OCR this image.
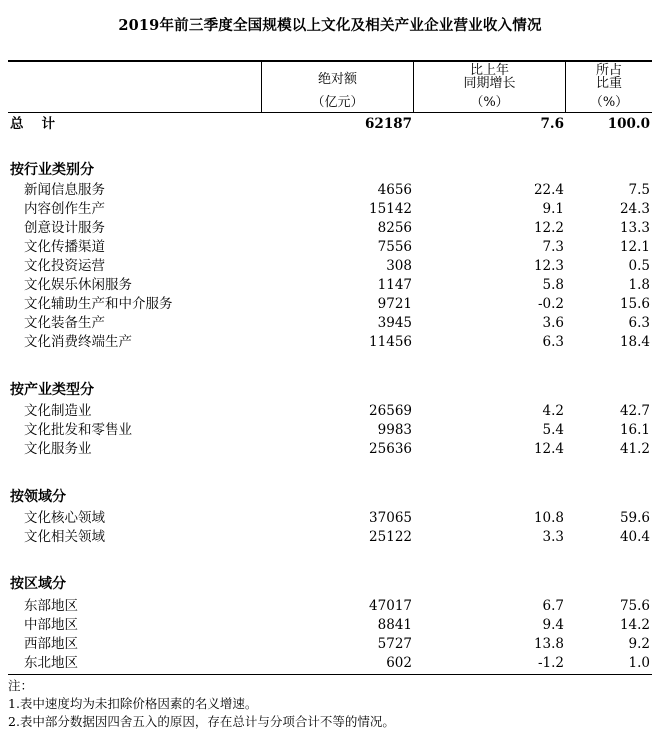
2019年前三季度全国规模以上文化及相关产业企业营业收入情况
绝对额
（亿元）
比上年
同期增长
（%）
所占
比重
（%）
总计	62187	7.6	100.0
按行业类别分
新闻信息服务	4656	22.4	7.5
内容创作生产	15142	9.1	24.3
创意设计服务	8256	12.2	13.3
文化传播渠道	7556	7.3	12.1
文化投资运营	308	12.3	0.5
文化娱乐休闲服务	1147	5.8	1.8
文化辅助生产和中介服务	9721	-0.2	15.6
文化装备生产	3945	3.6	6.3
文化消费终端生产	11456	6.3	18.4
按产业类型分
文化制造业	26569	4.2	42.7
文化批发和零售业	9983	5.4	16.1
文化服务业	25636	12.4	41.2
按领域分
文化核心领域	37065	10.8	59.6
文化相关领域	25122	3.3	40.4
按区域分
东部地区	47017	6.7	75.6
中部地区	8841	9.4	14.2
西部地区	5727	13.8	9.2
东北地区	602	-1.2	1.0
注：
1.表中速度均为未扣除价格因素的名义增速。
2.表中部分数据因四舍五入的原因，存在总计与分项合计不等的情况。
